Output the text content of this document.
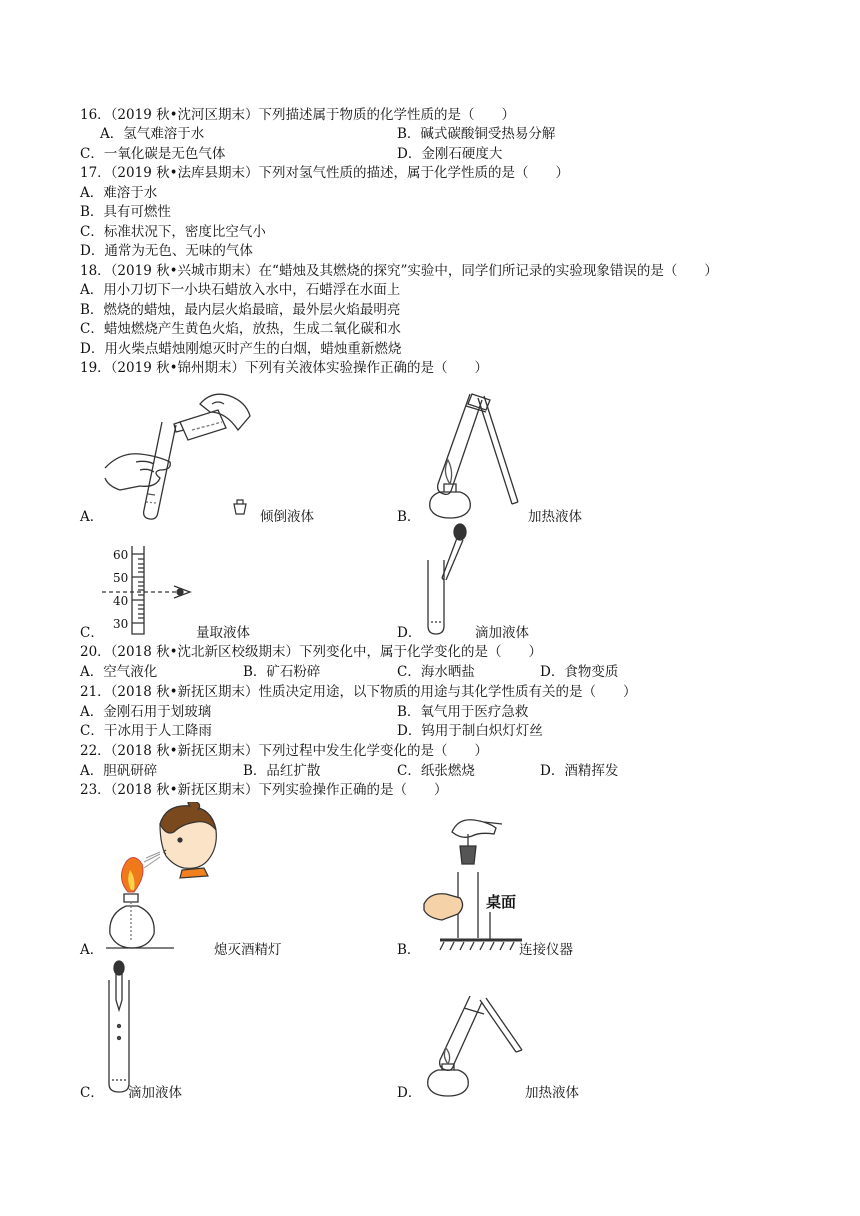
16．（2019 秋•沈河区期末）下列描述属于物质的化学性质的是（　　）
A．氢气难溶于水	B．碱式碳酸铜受热易分解
C．一氧化碳是无色气体	D．金刚石硬度大
17．（2019 秋•法库县期末）下列对氢气性质的描述，属于化学性质的是（　　）
A．难溶于水
B．具有可燃性
C．标准状况下，密度比空气小
D．通常为无色、无味的气体
18．（2019 秋•兴城市期末）在“蜡烛及其燃烧的探究”实验中，同学们所记录的实验现象错误的是（　　）
A．用小刀切下一小块石蜡放入水中，石蜡浮在水面上
B．燃烧的蜡烛，最内层火焰最暗，最外层火焰最明亮
C．蜡烛燃烧产生黄色火焰，放热，生成二氧化碳和水
D．用火柴点蜡烛刚熄灭时产生的白烟，蜡烛重新燃烧
19．（2019 秋•锦州期末）下列有关液体实验操作正确的是（　　）
A．	倾倒液体	B．	加热液体
60
50
40
30
C．	量取液体	D．	滴加液体
20．（2018 秋•沈北新区校级期末）下列变化中，属于化学变化的是（　　）
A．空气液化	B．矿石粉碎	C．海水晒盐	D．食物变质
21．（2018 秋•新抚区期末）性质决定用途，以下物质的用途与其化学性质有关的是（　　）
A．金刚石用于划玻璃	B．氧气用于医疗急救
C．干冰用于人工降雨	D．钨用于制白炽灯灯丝
22．（2018 秋•新抚区期末）下列过程中发生化学变化的是（　　）
A．胆矾研碎	B．品红扩散	C．纸张燃烧	D．酒精挥发
23．（2018 秋•新抚区期末）下列实验操作正确的是（　　）
A．	熄灭酒精灯
桌面
B．	连接仪器
C． 滴加液体	D．	加热液体
